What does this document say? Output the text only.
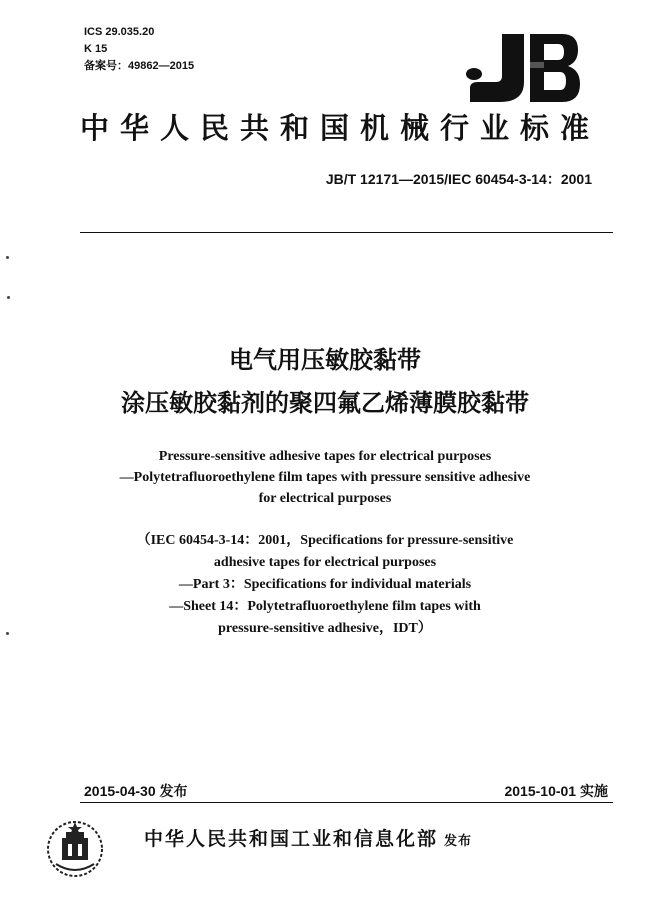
ICS 29.035.20
K 15
备案号：49862—2015
中华人民共和国机械行业标准
JB/T 12171—2015/IEC 60454-3-14：2001
电气用压敏胶黏带
涂压敏胶黏剂的聚四氟乙烯薄膜胶黏带
Pressure-sensitive adhesive tapes for electrical purposes
—Polytetrafluoroethylene film tapes with pressure sensitive adhesive
for electrical purposes
（IEC 60454-3-14：2001，Specifications for pressure-sensitive
adhesive tapes for electrical purposes
—Part 3：Specifications for individual materials
—Sheet 14：Polytetrafluoroethylene film tapes with
pressure-sensitive adhesive，IDT）
2015-04-30 发布	2015-10-01 实施
中华人民共和国工业和信息化部 发布
